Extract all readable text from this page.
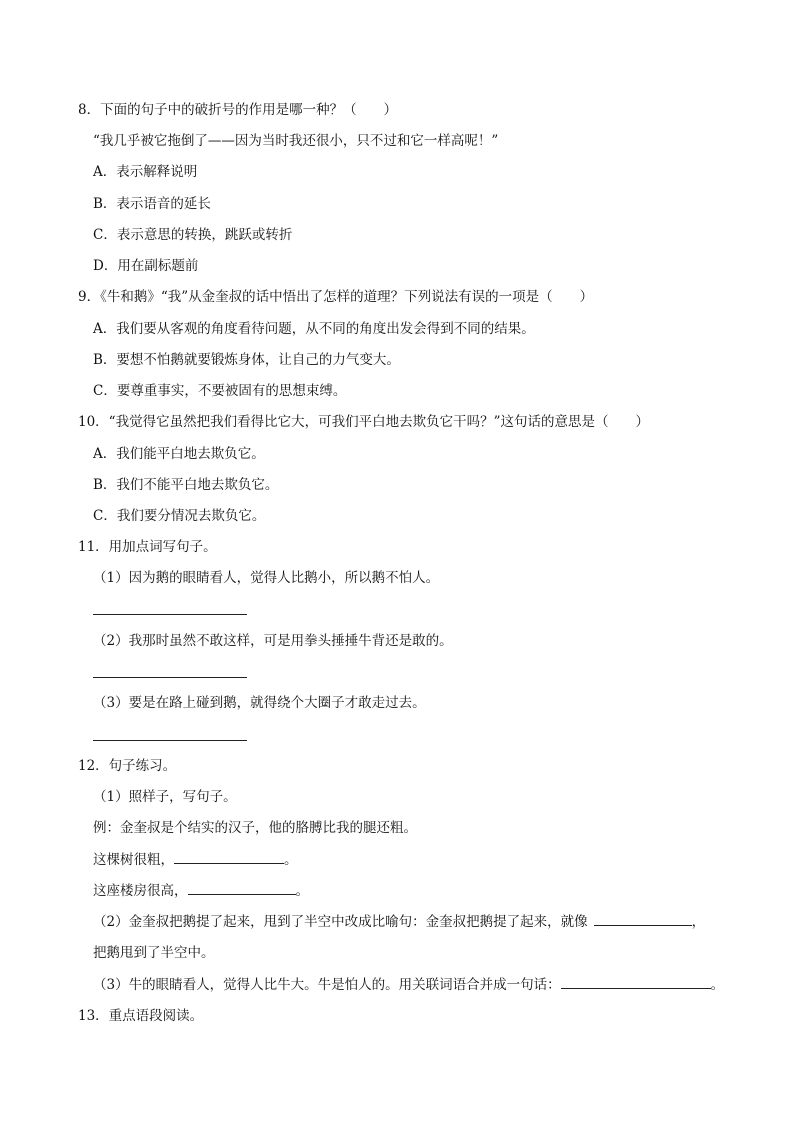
8．下面的句子中的破折号的作用是哪一种？（　　）
“我几乎被它拖倒了——因为当时我还很小，只不过和它一样高呢！”
A．表示解释说明
B．表示语音的延长
C．表示意思的转换，跳跃或转折
D．用在副标题前
9．《牛和鹅》“我”从金奎叔的话中悟出了怎样的道理？下列说法有误的一项是（　　）
A．我们要从客观的角度看待问题，从不同的角度出发会得到不同的结果。
B．要想不怕鹅就要锻炼身体，让自己的力气变大。
C．要尊重事实，不要被固有的思想束缚。
10．“我觉得它虽然把我们看得比它大，可我们平白地去欺负它干吗？”这句话的意思是（　　）
A．我们能平白地去欺负它。
B．我们不能平白地去欺负它。
C．我们要分情况去欺负它。
11．用加点词写句子。
（1）因为鹅的眼睛看人，觉得人比鹅小，所以鹅不怕人。
（2）我那时虽然不敢这样，可是用拳头捶捶牛背还是敢的。
（3）要是在路上碰到鹅，就得绕个大圈子才敢走过去。
12．句子练习。
（1）照样子，写句子。
例：金奎叔是个结实的汉子，他的胳膊比我的腿还粗。
这棵树很粗，	。
这座楼房很高，	。
（2）金奎叔把鹅提了起来，甩到了半空中改成比喻句：金奎叔把鹅提了起来，就像	，
把鹅甩到了半空中。
（3）牛的眼睛看人，觉得人比牛大。牛是怕人的。用关联词语合并成一句话：	。
13．重点语段阅读。
